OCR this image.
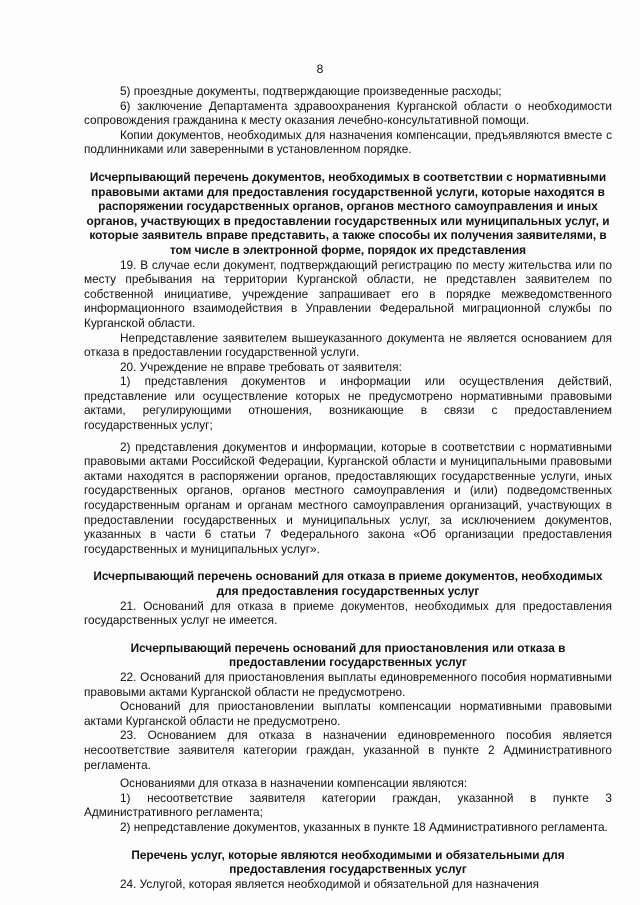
8

5) проездные документы, подтверждающие произведенные расходы;

6) заключение Департамента здравоохранения Курганской области о необходимости сопровождения гражданина к месту оказания лечебно-консультативной помощи.

Копии документов, необходимых для назначения компенсации, предъявляются вместе с подлинниками или заверенными в установленном порядке.

Исчерпывающий перечень документов, необходимых в соответствии с нормативными правовыми актами для предоставления государственной услуги, которые находятся в распоряжении государственных органов, органов местного самоуправления и иных органов, участвующих в предоставлении государственных или муниципальных услуг, и которые заявитель вправе представить, а также способы их получения заявителями, в том числе в электронной форме, порядок их представления

19. В случае если документ, подтверждающий регистрацию по месту жительства или по месту пребывания на территории Курганской области, не представлен заявителем по собственной инициативе, учреждение запрашивает его в порядке межведомственного информационного взаимодействия в Управлении Федеральной миграционной службы по Курганской области.

Непредставление заявителем вышеуказанного документа не является основанием для отказа в предоставлении государственной услуги.

20. Учреждение не вправе требовать от заявителя:

1) представления документов и информации или осуществления действий, представление или осуществление которых не предусмотрено нормативными правовыми актами, регулирующими отношения, возникающие в связи с предоставлением государственных услуг;

2) представления документов и информации, которые в соответствии с нормативными правовыми актами Российской Федерации, Курганской области и муниципальными правовыми актами находятся в распоряжении органов, предоставляющих государственные услуги, иных государственных органов, органов местного самоуправления и (или) подведомственных государственным органам и органам местного самоуправления организаций, участвующих в предоставлении государственных и муниципальных услуг, за исключением документов, указанных в части 6 статьи 7 Федерального закона «Об организации предоставления государственных и муниципальных услуг».

Исчерпывающий перечень оснований для отказа в приеме документов, необходимых для предоставления государственных услуг

21. Оснований для отказа в приеме документов, необходимых для предоставления государственных услуг не имеется.

Исчерпывающий перечень оснований для приостановления или отказа в предоставлении государственных услуг

22. Оснований для приостановления выплаты единовременного пособия нормативными правовыми актами Курганской области не предусмотрено.

Оснований для приостановлении выплаты компенсации нормативными правовыми актами Курганской области не предусмотрено.

23. Основанием для отказа в назначении единовременного пособия является несоответствие заявителя категории граждан, указанной в пункте 2 Административного регламента.

Основаниями для отказа в назначении компенсации являются:

1) несоответствие заявителя категории граждан, указанной в пункте 3 Административного регламента;

2) непредставление документов, указанных в пункте 18 Административного регламента.

Перечень услуг, которые являются необходимыми и обязательными для предоставления государственных услуг

24. Услугой, которая является необходимой и обязательной для назначения
